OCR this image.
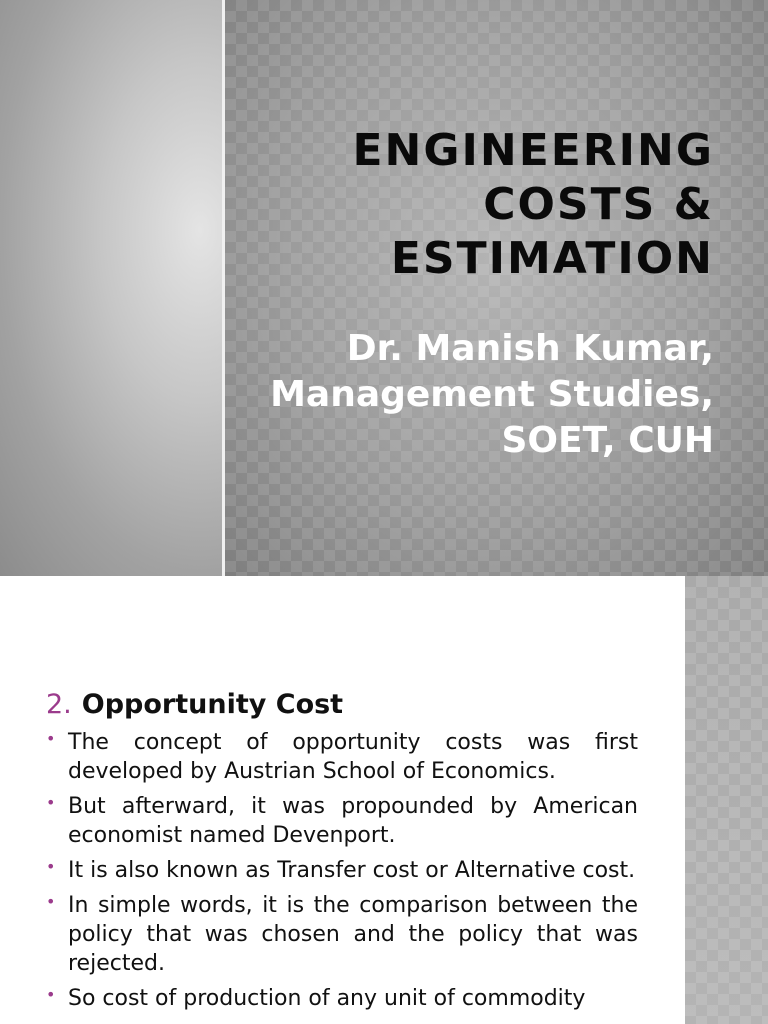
ENGINEERING
COSTS &
ESTIMATION

Dr. Manish Kumar,
Management Studies,
SOET, CUH

2. Opportunity Cost
• The concept of opportunity costs was first developed by Austrian School of Economics.
• But afterward, it was propounded by American economist named Devenport.
• It is also known as Transfer cost or Alternative cost.
• In simple words, it is the comparison between the policy that was chosen and the policy that was rejected.
• So cost of production of any unit of commodity
